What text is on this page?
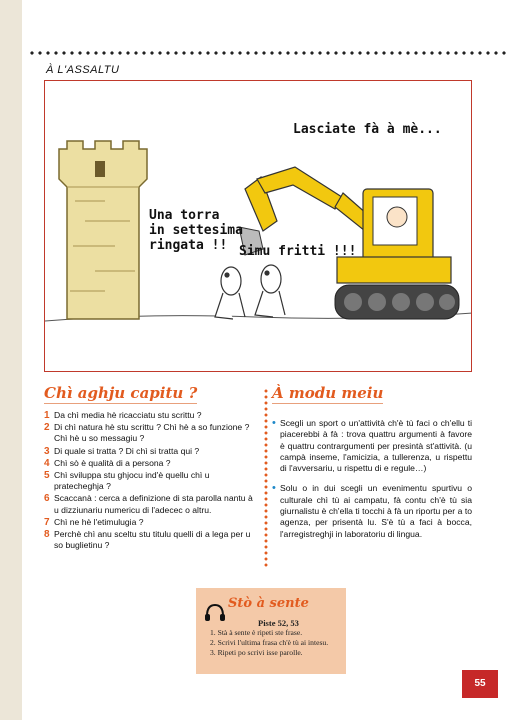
À L'ASSALTU
Lasciate fà à mè...
Una torra
in settesima
ringata !! Simu fritti !!!
Chì aghju capitu ?
1 Da chì media hè ricacciatu stu scrittu ?
2 Di chì natura hè stu scrittu ? Chì hè a so funzione ? Chì hè u so messagiu ?
3 Di quale si tratta ? Di chì si tratta qui ?
4 Chì sò è qualità di a persona ?
5 Chì sviluppa stu ghjocu ind'è quellu chì u pratecheghja ?
6 Scaccanà : cerca a definizione di sta parolla nantu à u dizziunariu numericu di l'adecec o altru.
7 Chì ne hè l'etimulugia ?
8 Perchè chì anu sceltu stu titulu quelli di a lega per u so buglietinu ?
À modu meiu
• Scegli un sport o un'attività ch'è tù faci o ch'ellu ti piacerebbi à fà : trova quattru argumenti à favore è quattru contrargumenti per presintà st'attività. (u campà inseme, l'amicizia, a tullerenza, u rispettu di l'avversariu, u rispettu di e regule…)
• Solu o in dui scegli un evenimentu spurtivu o culturale chì tù ai campatu, fà contu ch'è tù sia giurnalistu è ch'ella ti tocchi à fà un riportu per a to agenza, per prisentà lu. S'è tù a faci à bocca, l'arregistreghji in laboratoriu di lingua.
Stò à sente
Piste 52, 53
1. Stà à sente è ripeti ste frase.
2. Scrivi l'ultima frasa ch'è tù ai intesu.
3. Ripeti po scrivi isse parolle.
55
